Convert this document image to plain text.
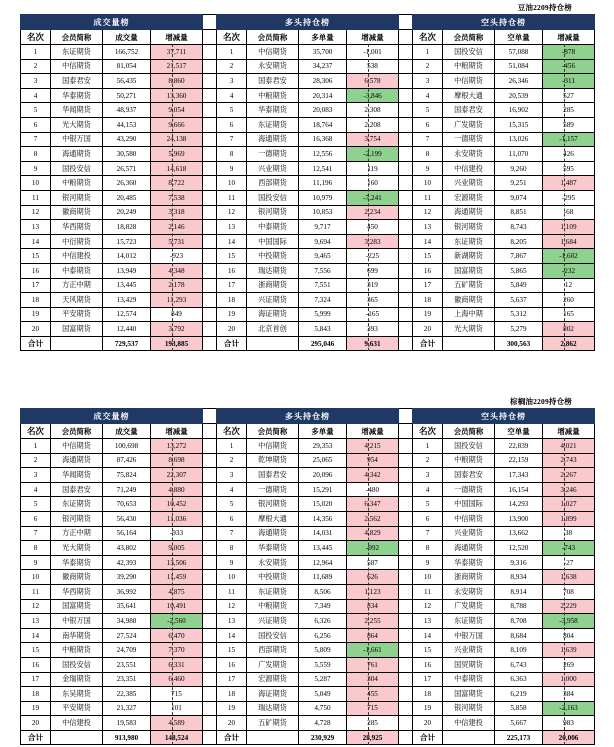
豆油2209持仓榜
成交量榜					多头持仓榜					空头持仓榜			
名次	会员简称	成交量	增减量		名次	会员简称	多单量	增减量		名次	会员简称	空单量	增减量
1	东证期货	166,752	37,711		1	中信期货	35,700	-1,001		1	国投安信	57,088	-878
2	中信期货	81,054	21,517		2	永安期货	34,237	538		2	中粮期货	51,084	-456
3	国泰君安	56,435	8,860		3	国泰君安	28,306	6,578		3	中信期货	26,346	-311
4	华泰期货	50,271	13,360		4	中粮期货	20,314	-3,846		4	摩根大通	20,539	527
5	华闻期货	48,937	9,054		5	华泰期货	20,083	2,308		5	国泰君安	16,902	285
6	光大期货	44,153	9,666		6	东证期货	18,764	2,208		6	广发期货	15,315	589
7	中银万国	43,290	24,138		7	海通期货	16,368	3,754		7	一德期货	13,026	-1,157
8	海通期货	30,580	5,969		8	一德期货	12,556	-2,199		8	永安期货	11,070	426
9	国投安信	26,571	14,618		9	兴业期货	12,541	119		9	中信建投	9,260	595
10	中粮期货	26,360	8,722		10	西部期货	11,196	160		10	兴业期货	9,251	1,487
11	银河期货	20,485	7,538		11	国投安信	10,979	-7,241		11	宏源期货	9,074	-295
12	徽商期货	20,249	3,318		12	银河期货	10,853	2,234		12	海通期货	8,851	-68
13	华西期货	18,828	2,146		13	中泰期货	9,717	450		13	银河期货	8,743	1,109
14	中衍期货	15,723	5,731		14	中国国际	9,694	3,283		14	东证期货	8,205	1,684
15	中信建投	14,012	-923		15	中投期货	9,465	-225		15	新湖期货	7,867	-1,602
16	中泰期货	13,949	4,348		16	瑞达期货	7,556	699		16	国富期货	5,865	-232
17	方正中期	13,445	2,178		17	浙商期货	7,551	319		17	五矿期货	5,849	12
18	天风期货	13,429	11,293		18	兴证期货	7,324	365		18	徽商期货	5,637	260
19	平安期货	12,574	849		19	海证期货	5,999	-165		19	上海中期	5,312	165
20	国富期货	12,440	3,792		20	北京首创	5,843	393		20	光大期货	5,279	802
合计		729,537	193,885		合计		295,046	9,631		合计		300,563	2,862
棕榈油2209持仓榜
成交量榜					多头持仓榜					空头持仓榜			
名次	会员简称	成交量	增减量		名次	会员简称	多单量	增减量		名次	会员简称	空单量	增减量
1	中信期货	100,698	13,272		1	中信期货	29,353	4,215		1	国投安信	22,839	4,021
2	海通期货	87,426	8,698		2	乾坤期货	25,065	954		2	中粮期货	22,159	2,743
3	华闻期货	75,824	22,307		3	国泰君安	20,096	4,342		3	国泰君安	17,343	2,267
4	国泰君安	71,249	4,880		4	一德期货	15,291	-480		4	一德期货	16,154	3,246
5	东证期货	70,653	10,452		5	银河期货	15,020	6,347		5	中国国际	14,293	1,027
6	银河期货	56,430	11,036		6	摩根大通	14,356	2,562		6	中信期货	13,900	1,899
7	方正中期	56,164	-933		7	海通期货	14,031	4,829		7	兴业期货	13,662	38
8	光大期货	43,802	9,005		8	华泰期货	13,445	-992		8	海通期货	12,520	-743
9	华泰期货	42,393	13,506		9	永安期货	12,964	587		9	华泰期货	9,316	-27
10	徽商期货	39,290	11,459		10	中投期货	11,689	626		10	浙商期货	8,934	1,638
11	华西期货	36,992	4,875		11	东证期货	8,506	1,123		11	永安期货	8,914	708
12	国富期货	35,641	10,491		12	中粮期货	7,349	834		12	广发期货	8,788	2,229
13	中银万国	34,988	-2,560		13	兴证期货	6,326	2,255		13	东证期货	8,708	-3,958
14	南华期货	27,524	6,470		14	国投安信	6,256	864		14	中银万国	8,684	804
15	中粮期货	24,709	7,370		15	西部期货	5,809	-1,661		15	兴业期货	8,109	1,639
16	国投安信	23,551	6,331		16	广发期货	5,559	761		16	国贸期货	6,743	269
17	金瑞期货	23,351	6,460		17	宏源期货	5,287	304		17	中泰期货	6,363	1,000
18	东吴期货	22,385	715		18	海证期货	5,049	455		18	国富期货	6,219	384
19	平安期货	21,327	101		19	瑞达期货	4,750	715		19	银河期货	5,858	-2,163
20	中信建投	19,583	4,589		20	五矿期货	4,728	285		20	中信建投	5,667	983
合计		913,980	148,524		合计		230,929	28,925		合计		225,173	20,006
